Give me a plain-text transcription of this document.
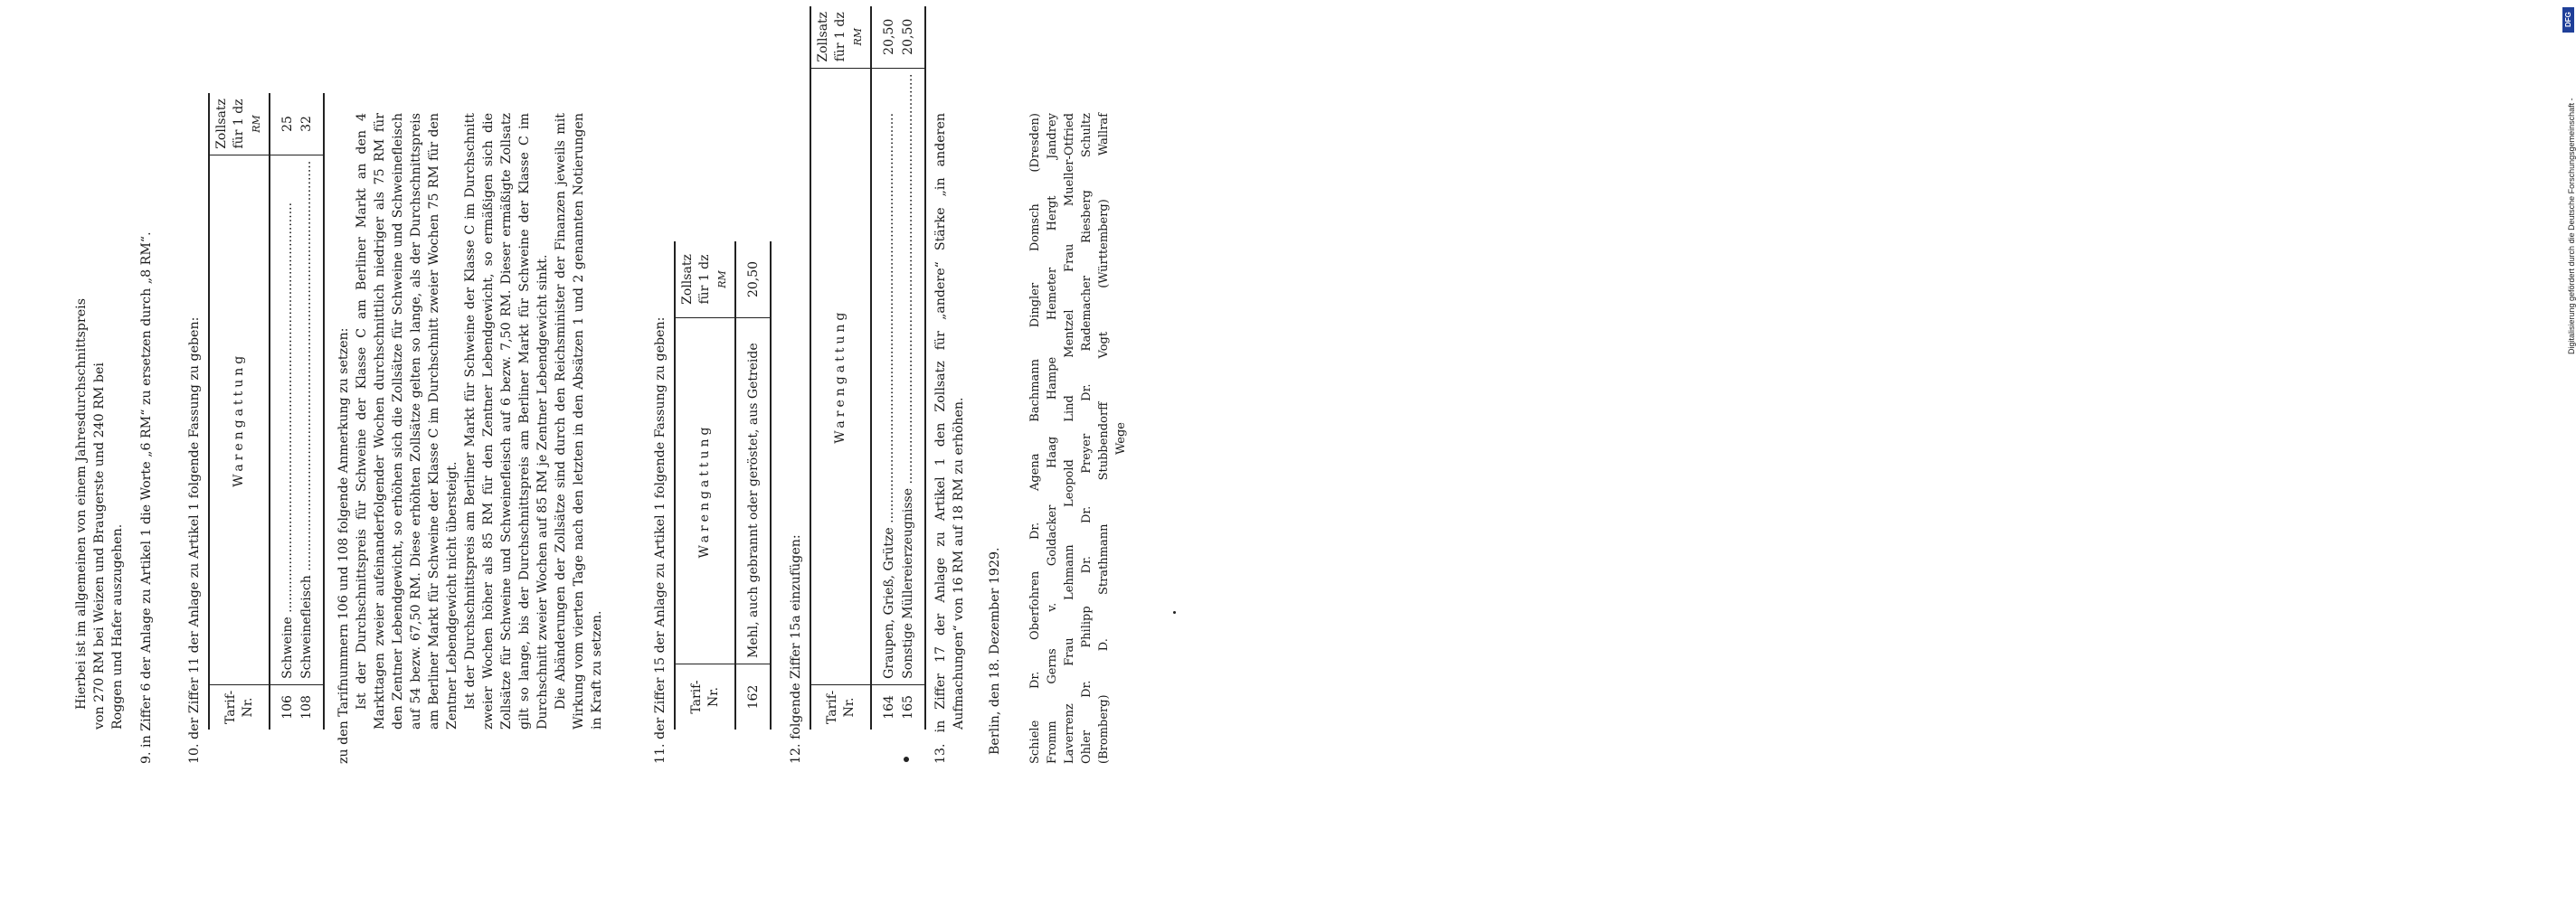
Hierbei ist im allgemeinen von einem Jahresdurchschnittspreis von 270 RM bei Weizen und Braugerste und 240 RM bei Roggen und Hafer auszugehen. 9. in Ziffer 6 der Anlage zu Artikel 1 die Worte „6 RM“ zu ersetzen durch „8 RM“.	10. der Ziffer 11 der Anlage zu Artikel 1 folgende Fassung zu geben: Tarif-
Nr.	Warengattung	Zollsatz
für 1 dz
RM
106	Schweine .....	25
108	Schweinefleisch .....	32

zu den Tarifnummern 106 und 108 folgende Anmerkung zu setzen: Ist der Durchschnittspreis für Schweine der Klasse C am Berliner Markt an den 4 Markttagen zweier aufeinanderfolgender Wochen durchschnittlich niedriger als 75 RM für den Zentner Lebendgewicht, so erhöhen sich die Zollsätze für Schweine und Schweinefleisch auf 54 bezw. 67,50 RM. Diese erhöhten Zollsätze gelten so lange, als der Durchschnittspreis am Berliner Markt für Schweine der Klasse C im Durchschnitt zweier Wochen 75 RM für den Zentner Lebendgewicht nicht übersteigt. Ist der Durchschnittspreis am Berliner Markt für Schweine der Klasse C im Durchschnitt zweier Wochen höher als 85 RM für den Zentner Lebendgewicht, so ermäßigen sich die Zollsätze für Schweine und Schweinefleisch auf 6 bezw. 7,50 RM. Dieser ermäßigte Zollsatz gilt so lange, bis der Durchschnittspreis am Berliner Markt für Schweine der Klasse C im Durchschnitt zweier Wochen auf 85 RM je Zentner Lebendgewicht sinkt. Die Abänderungen der Zollsätze sind durch den Reichsminister der Finanzen jeweils mit Wirkung vom vierten Tage nach den letzten in den Absätzen 1 und 2 genannten Notierungen in Kraft zu setzen.	11. der Ziffer 15 der Anlage zu Artikel 1 folgende Fassung zu geben: Tarif-
Nr.	Warengattung	Zollsatz
für 1 dz
RM
162	Mehl, auch gebrannt oder geröstet, aus Getreide	20,50

12. folgende Ziffer 15a einzufügen: Tarif-
Nr.	Warengattung	Zollsatz
für 1 dz
RM
164	Graupen, Grieß, Grütze .....	20,50
165	Sonstige Müllereierzeugnisse .....	20,50

13. in Ziffer 17 der Anlage zu Artikel 1 den Zollsatz für „andere“ Stärke „in anderen Aufmachungen“ von 16 RM auf 18 RM zu erhöhen. Berlin, den 18. Dezember 1929. Schiele Dr. Oberfohren Dr. Agena Bachmann Dingler Domsch (Dresden)

Fromm Gerns v. Goldacker Haag Hampe Hemeter Hergt Jandrey

Laverrenz Frau Lehmann Leopold Lind Mentzel Frau Mueller-Otfried

Ohler Dr. Philipp Dr. Dr. Preyer Dr. Rademacher Riesberg Schultz

(Bromberg) D. Strathmann Stubbendorff Vogt (Württemberg) Wallraf

Wege

DFG
Digitalisierung gefördert durch die Deutsche Forschungsgemeinschaft -
